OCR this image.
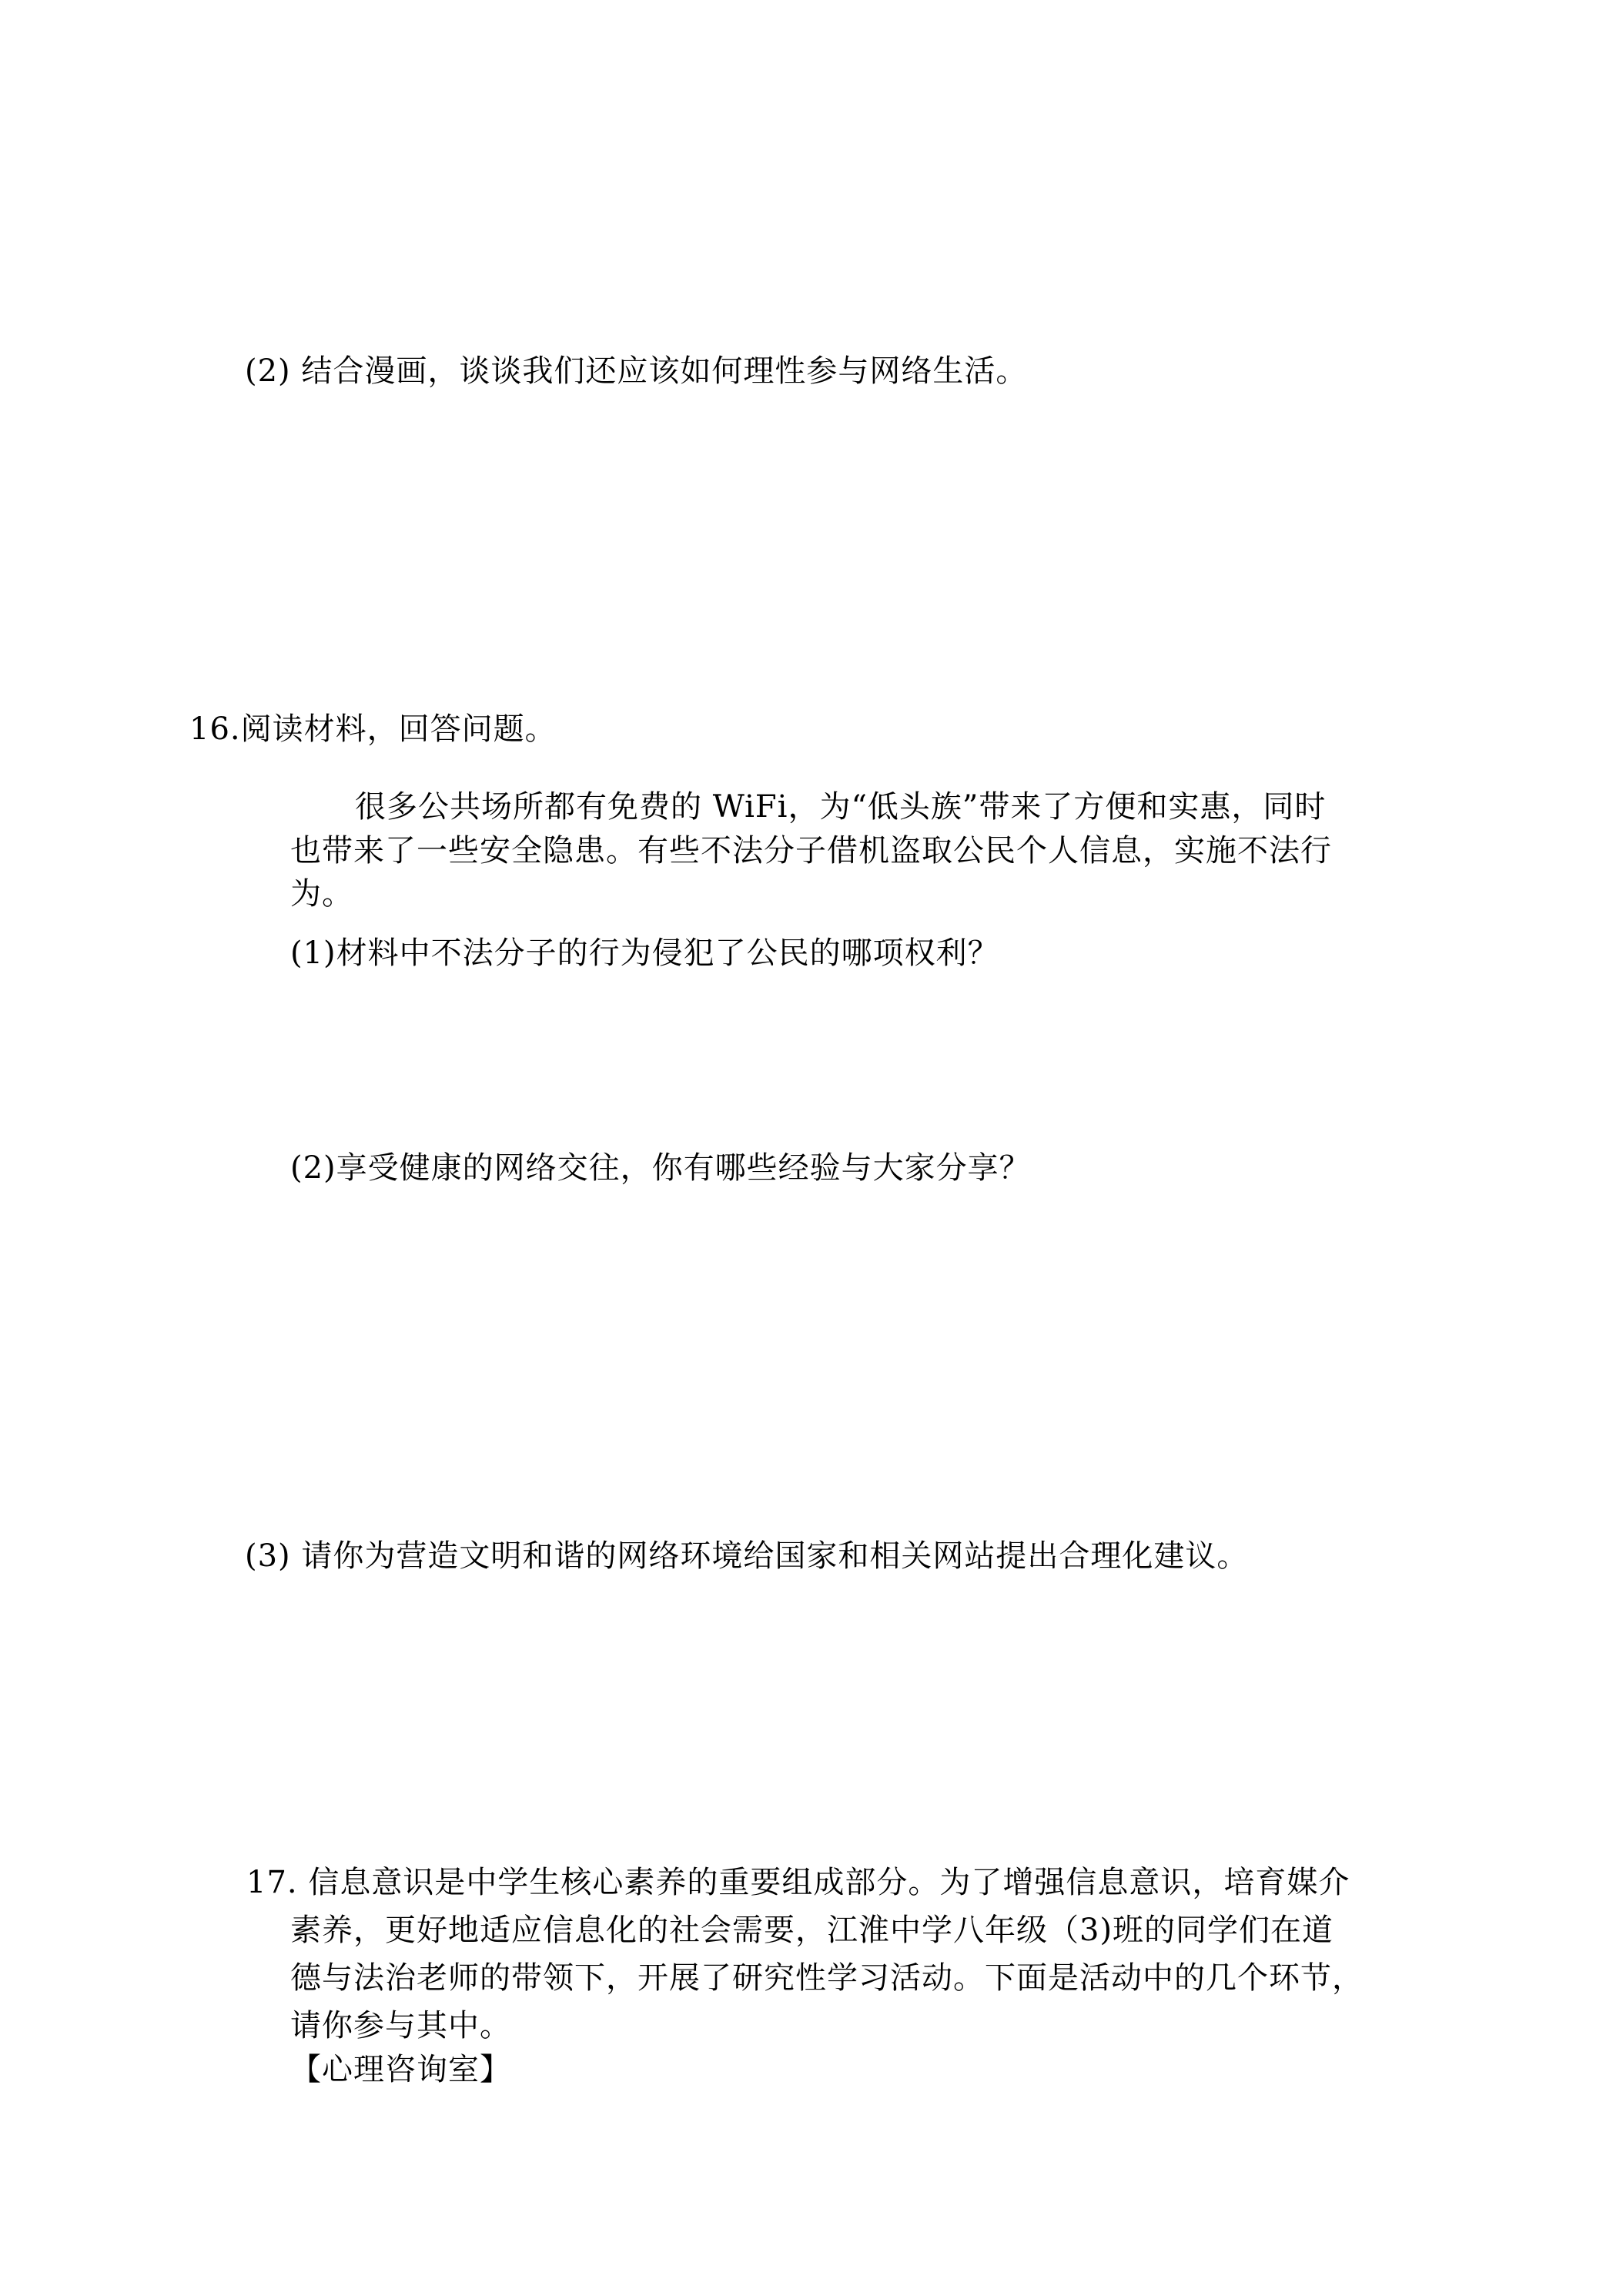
(2) 结合漫画，谈谈我们还应该如何理性参与网络生活。
16.阅读材料，回答问题。
很多公共场所都有免费的 WiFi，为“低头族”带来了方便和实惠，同时
也带来了一些安全隐患。有些不法分子借机盗取公民个人信息，实施不法行
为。
(1)材料中不法分子的行为侵犯了公民的哪项权利？
(2)享受健康的网络交往，你有哪些经验与大家分享？
(3) 请你为营造文明和谐的网络环境给国家和相关网站提出合理化建议。
17. 信息意识是中学生核心素养的重要组成部分。为了增强信息意识，培育媒介
素养，更好地适应信息化的社会需要，江淮中学八年级（3)班的同学们在道
德与法治老师的带领下，开展了研究性学习活动。下面是活动中的几个环节，
请你参与其中。
【心理咨询室】
